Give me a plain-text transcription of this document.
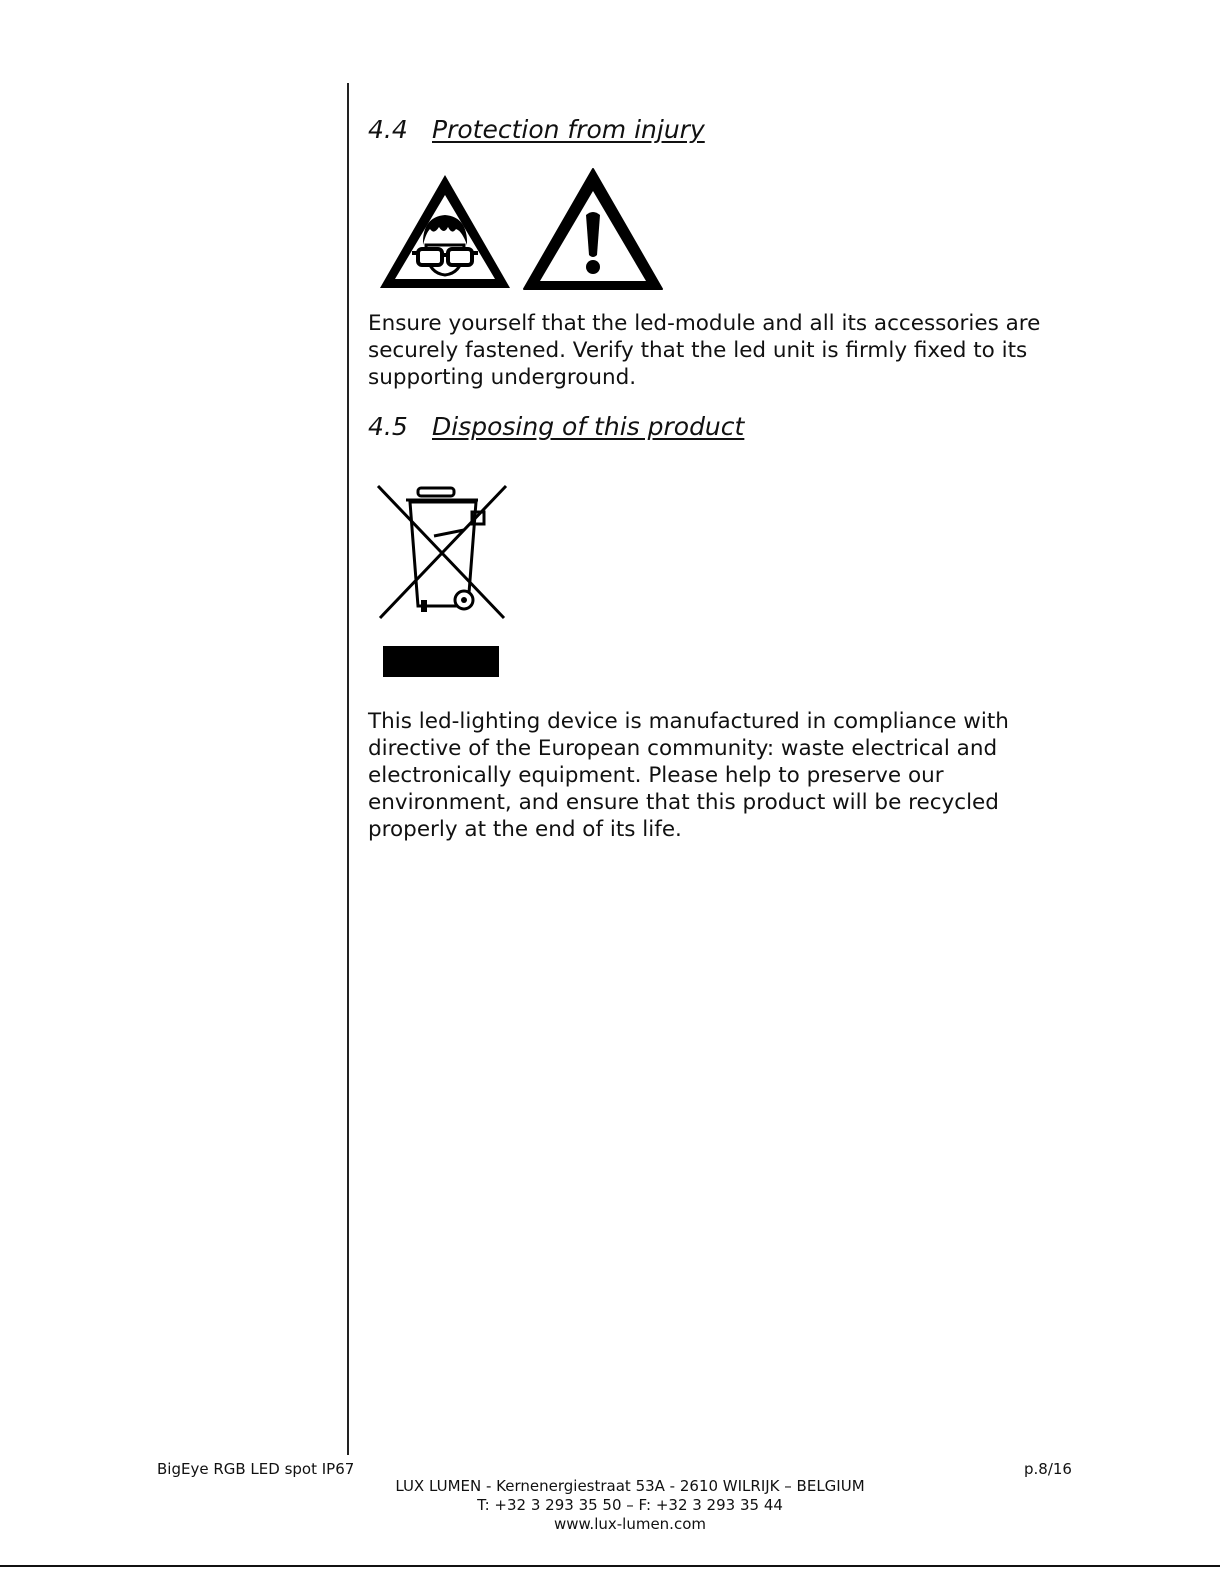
4.4 Protection from injury

Ensure yourself that the led-module and all its accessories are securely fastened. Verify that the led unit is firmly fixed to its supporting underground.

4.5 Disposing of this product

This led-lighting device is manufactured in compliance with directive of the European community: waste electrical and electronically equipment. Please help to preserve our environment, and ensure that this product will be recycled properly at the end of its life.

BigEye RGB LED spot IP67	p.8/16
LUX LUMEN - Kernenergiestraat 53A - 2610 WILRIJK – BELGIUM
T: +32 3 293 35 50 – F: +32 3 293 35 44
www.lux-lumen.com
